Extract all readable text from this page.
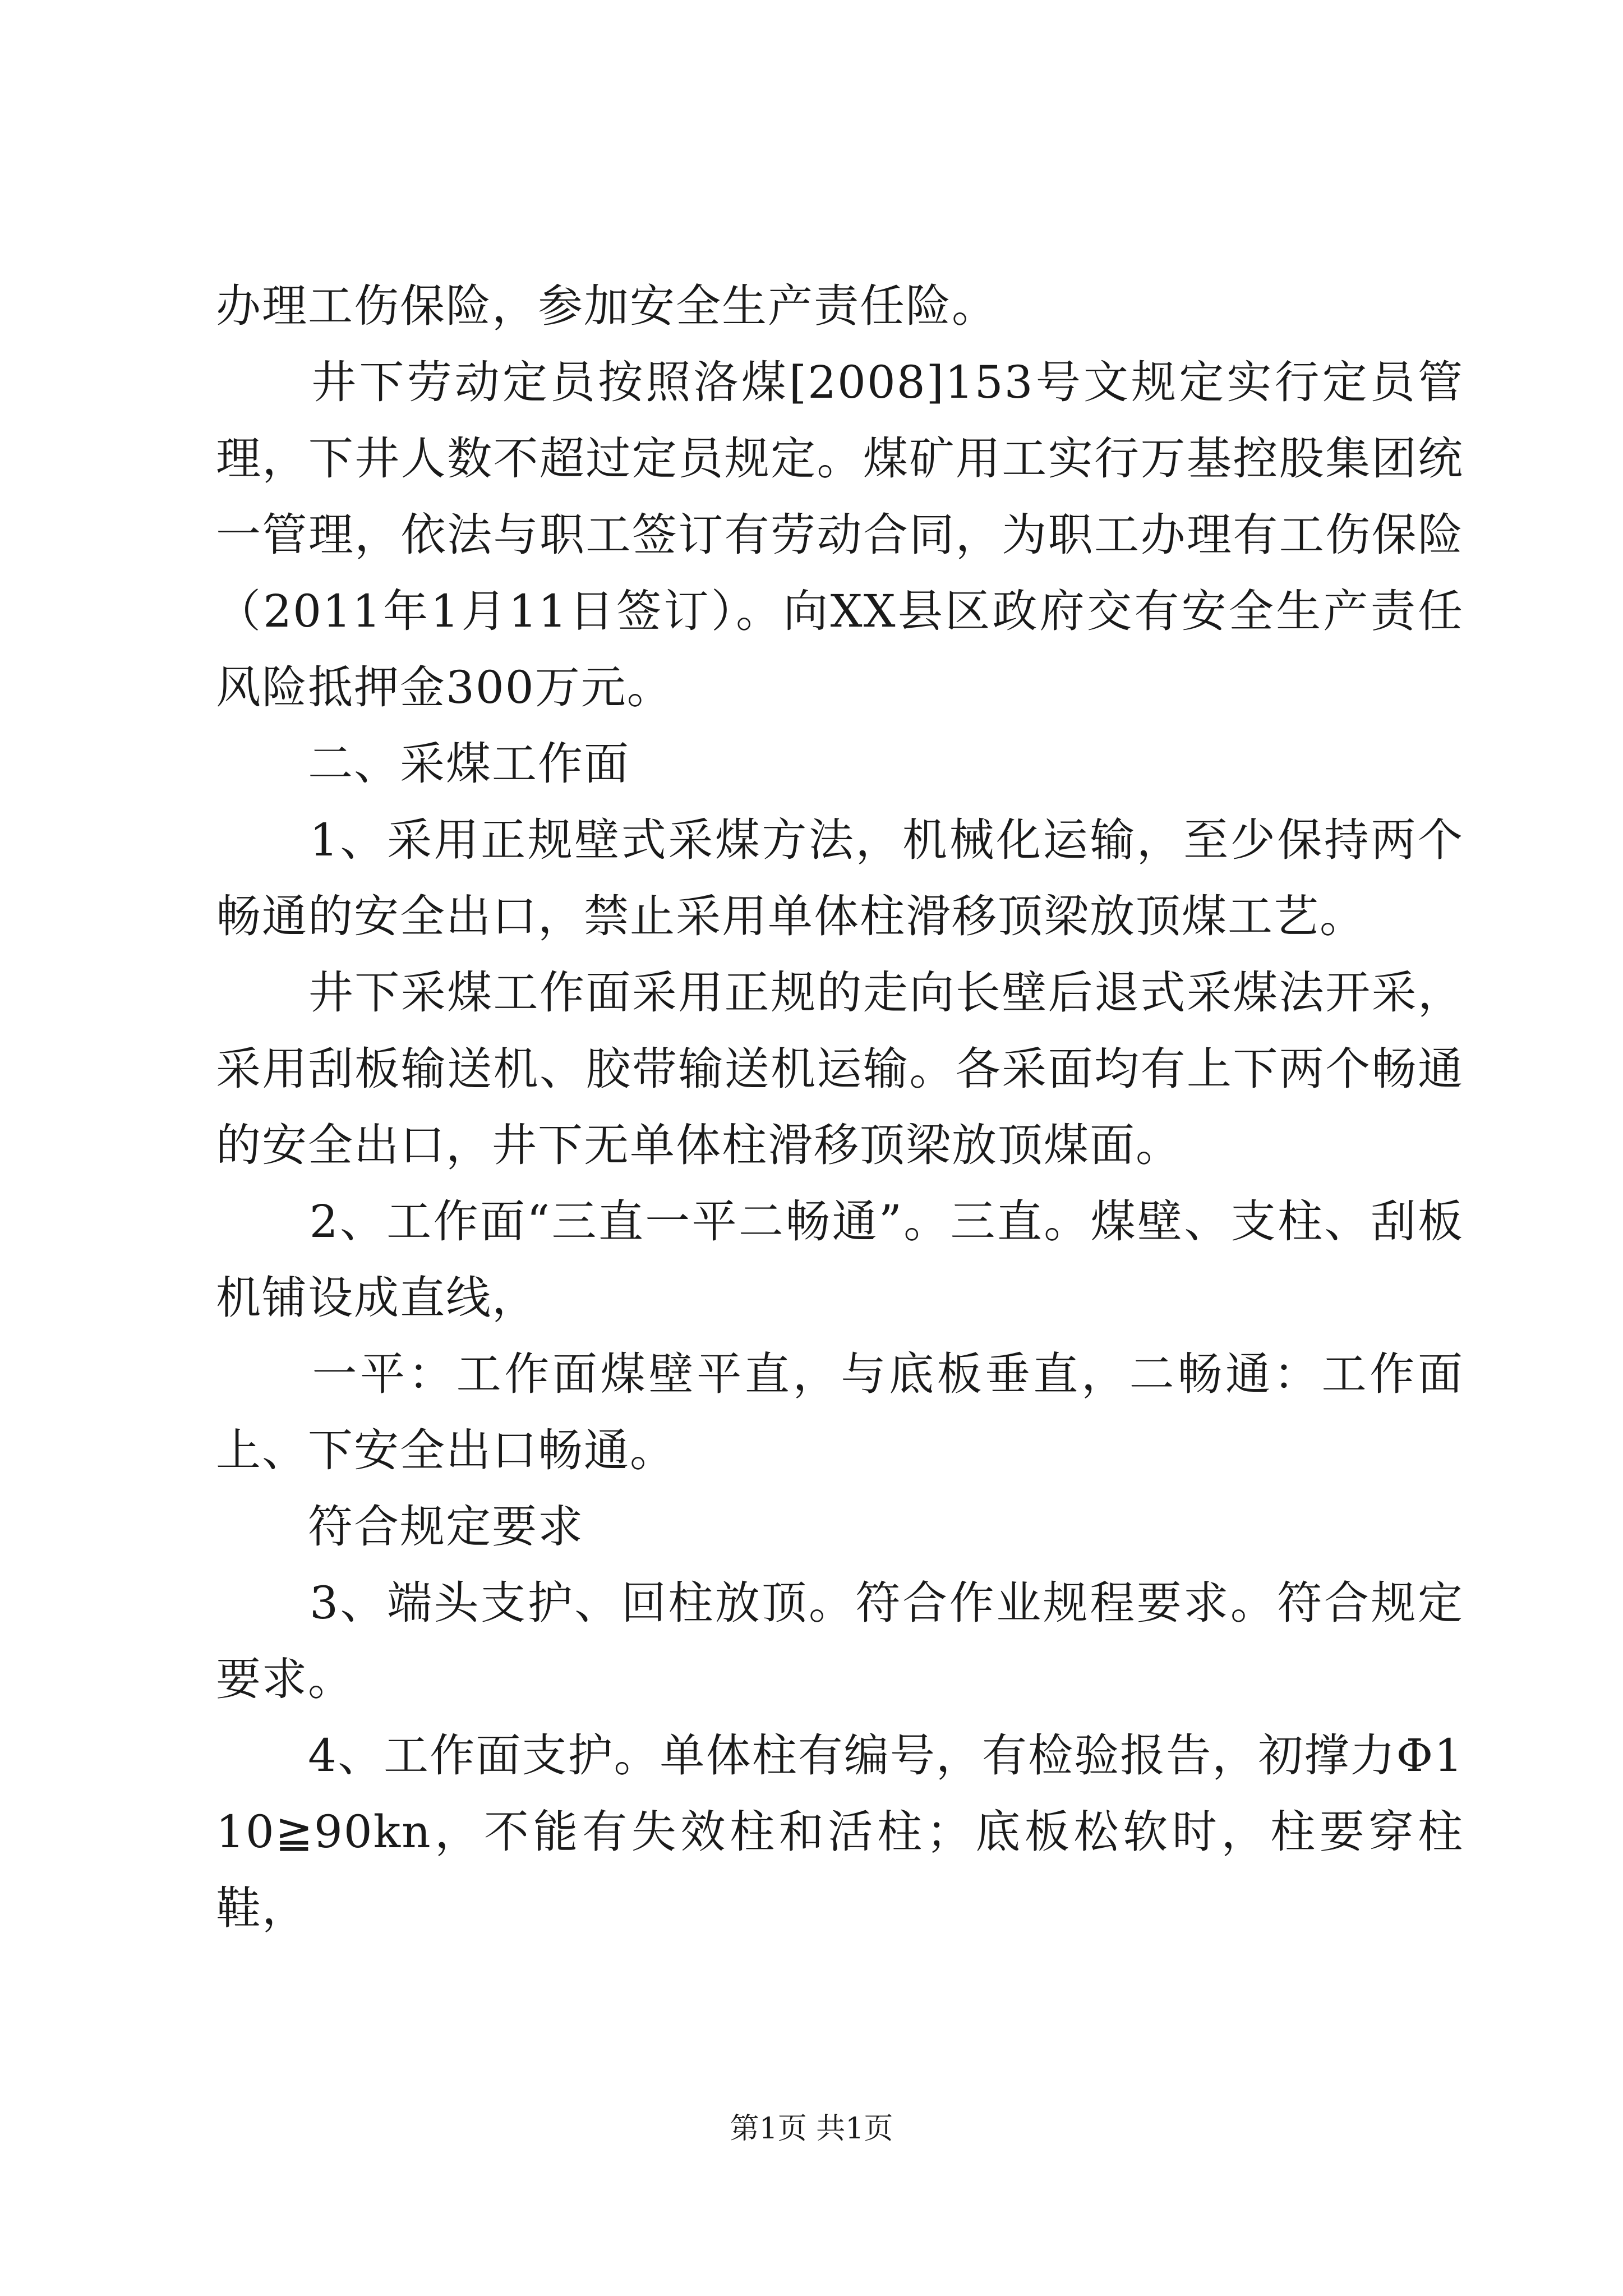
办理工伤保险，参加安全生产责任险。

　　井下劳动定员按照洛煤[2008]153号文规定实行定员管理，下井人数不超过定员规定。煤矿用工实行万基控股集团统一管理，依法与职工签订有劳动合同，为职工办理有工伤保险（2011年1月11日签订）。向XX县区政府交有安全生产责任风险抵押金300万元。

　　二、采煤工作面

　　1、采用正规壁式采煤方法，机械化运输，至少保持两个畅通的安全出口，禁止采用单体柱滑移顶梁放顶煤工艺。

　　井下采煤工作面采用正规的走向长壁后退式采煤法开采，采用刮板输送机、胶带输送机运输。各采面均有上下两个畅通的安全出口，井下无单体柱滑移顶梁放顶煤面。

　　2、工作面“三直一平二畅通”。三直。煤壁、支柱、刮板机铺设成直线，

　　一平：工作面煤壁平直，与底板垂直，二畅通：工作面上、下安全出口畅通。

　　符合规定要求

　　3、端头支护、回柱放顶。符合作业规程要求。符合规定要求。

　　4、工作面支护。单体柱有编号，有检验报告，初撑力Φ110≧90kn，不能有失效柱和活柱；底板松软时，柱要穿柱鞋，

第1页 共1页
